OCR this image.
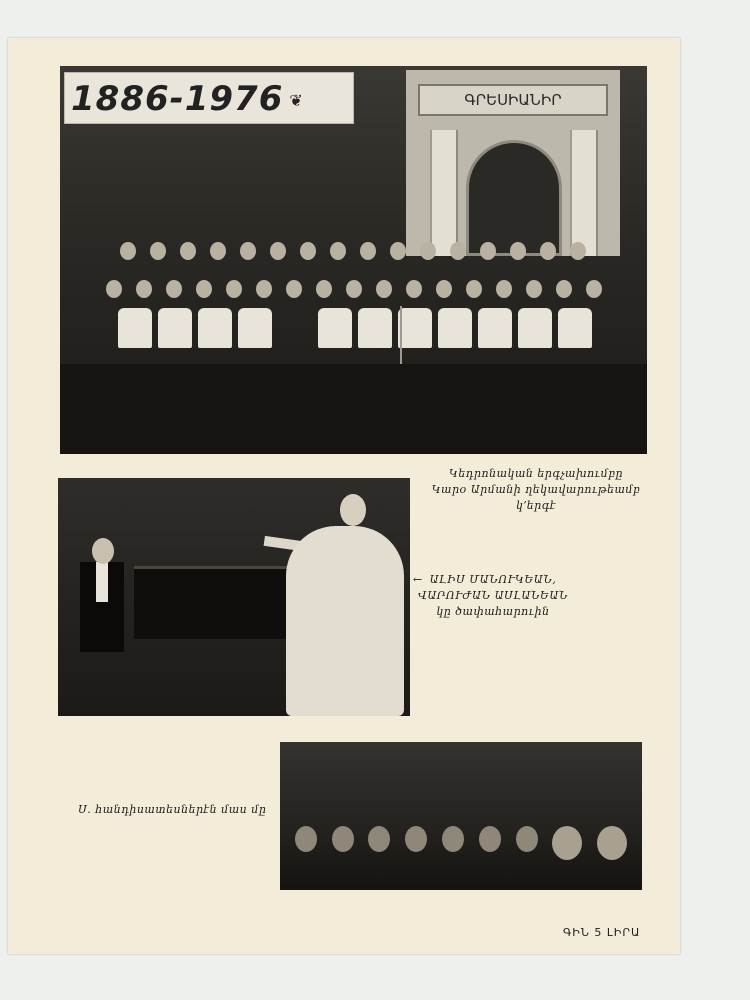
1886-1976 ❦	ԳՐԵՍԻԱՆԻՐ
Կեդրոնական երգչախումբը
Կարօ Արմանի ղեկավարութեամբ
կ՚երգէ
← ԱԼԻՍ ՄԱՆՈՒԿԵԱՆ,
ՎԱՐՈՒԺԱՆ ԱՍԼԱՆԵԱՆ
կը ծափահարուին
Ս. հանդիսատեսներէն մաս մը
ԳԻՆ 5 ԼԻՐԱ
